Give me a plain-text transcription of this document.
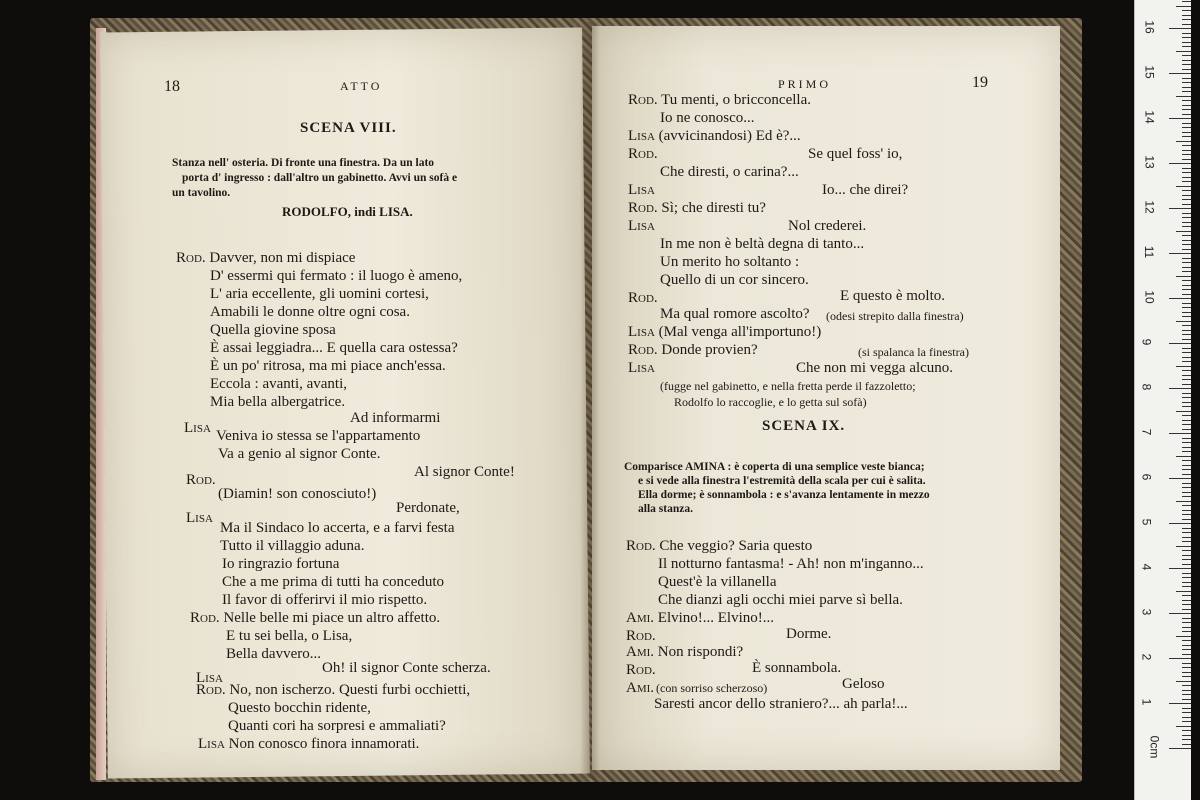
18	ATTO
SCENA VIII.
Stanza nell' osteria. Di fronte una finestra. Da un lato
porta d' ingresso : dall'altro un gabinetto. Avvi un sofà e
un tavolino.
RODOLFO, indi LISA.
Rod. Davver, non mi dispiace
D' essermi qui fermato : il luogo è ameno,
L' aria eccellente, gli uomini cortesi,
Amabili le donne oltre ogni cosa.
Quella giovine sposa
È assai leggiadra... E quella cara ostessa?
È un po' ritrosa, ma mi piace anch'essa.
Eccola : avanti, avanti,
Mia bella albergatrice.
Ad informarmi
Lisa Veniva io stessa se l'appartamento
Va a genio al signor Conte.
Al signor Conte!
Rod.
(Diamin! son conosciuto!)
Perdonate,
Lisa
Ma il Sindaco lo accerta, e a farvi festa
Tutto il villaggio aduna.
Io ringrazio fortuna
Che a me prima di tutti ha conceduto
Il favor di offerirvi il mio rispetto.
Rod. Nelle belle mi piace un altro affetto.
E tu sei bella, o Lisa,
Bella davvero...
Oh! il signor Conte scherza.
Lisa
Rod. No, non ischerzo. Questi furbi occhietti,
Questo bocchin ridente,
Quanti cori ha sorpresi e ammaliati?
Lisa Non conosco finora innamorati.
PRIMO	19
Rod. Tu menti, o bricconcella.
Io ne conosco...
Lisa (avvicinandosi) Ed è?...
Rod.	Se quel foss' io,
Che diresti, o carina?...
Lisa	Io... che direi?
Rod. Sì; che diresti tu?
Lisa	Nol crederei.
In me non è beltà degna di tanto...
Un merito ho soltanto :
Quello di un cor sincero.
Rod.	E questo è molto.
Ma qual romore ascolto?
Lisa (Mal venga all'importuno!)
Rod. Donde provien?
Lisa	Che non mi vegga alcuno.
(odesi strepito dalla finestra)
(si spalanca la finestra)
(fugge nel gabinetto, e nella fretta perde il fazzoletto;
Rodolfo lo raccoglie, e lo getta sul sofà)
Rod. Che veggio? Saria questo
Il notturno fantasma! - Ah! non m'inganno...
Quest'è la villanella
Che dianzi agli occhi miei parve sì bella.
Ami. Elvino!... Elvino!...
Rod.	Dorme.
Ami. Non rispondi?
Rod.	È sonnambola.
Ami.	Geloso
Saresti ancor dello straniero?... ah parla!...
(con sorriso scherzoso)
SCENA IX.
Comparisce AMINA : è coperta di una semplice veste bianca;
e si vede alla finestra l'estremità della scala per cui è salita.
Ella dorme; è sonnambola : e s'avanza lentamente in mezzo
alla stanza.
0cm
1
2
3
4
5
6
7
8
9
10
11
12
13
14
15
16
